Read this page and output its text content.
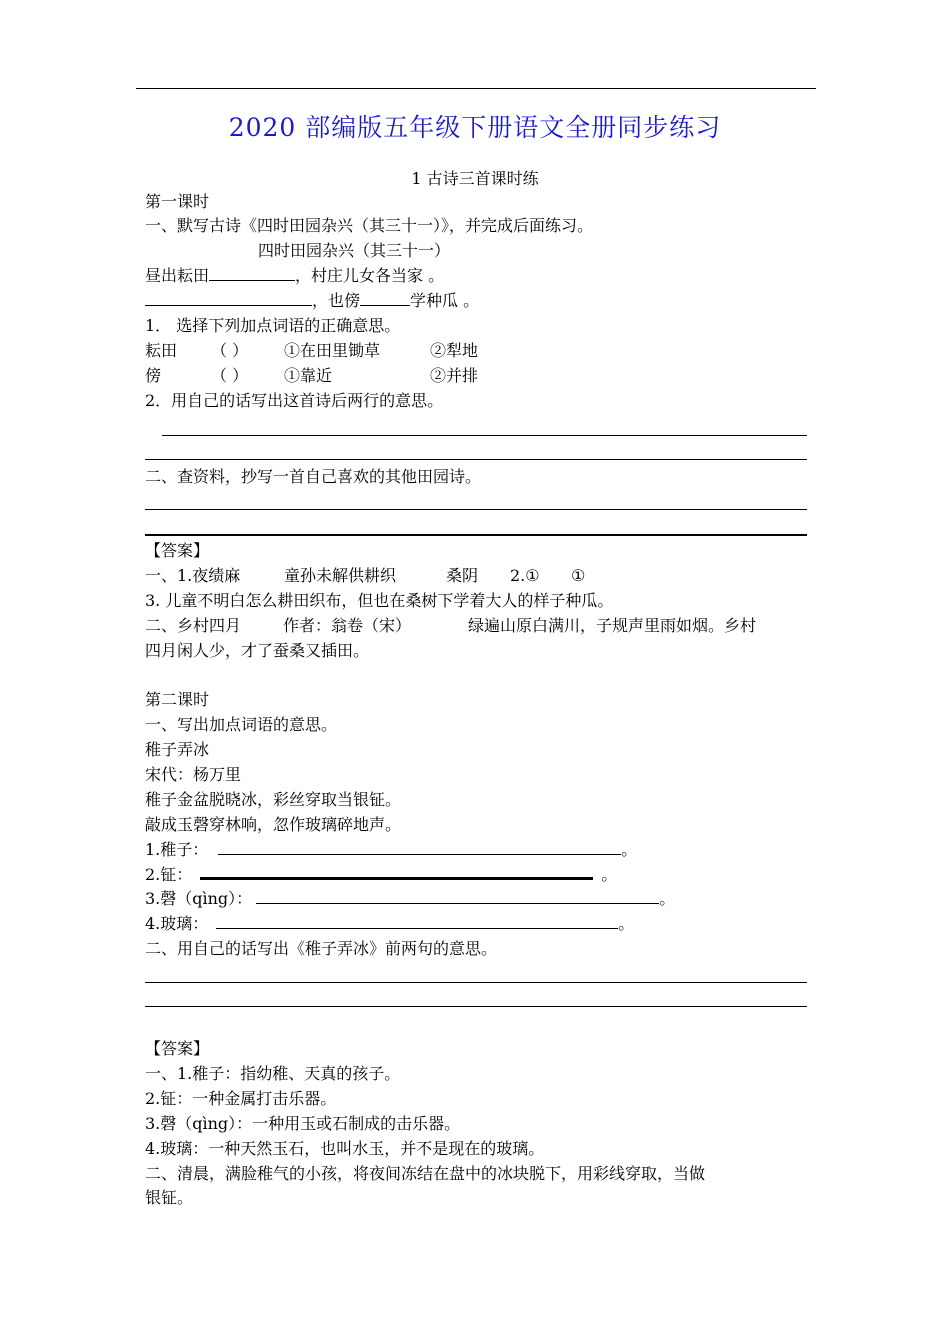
2020 部编版五年级下册语文全册同步练习
1 古诗三首课时练
第一课时
一、默写古诗《四时田园杂兴（其三十一）》，并完成后面练习。
四时田园杂兴（其三十一）
昼出耘田	，村庄儿女各当家 。
，也傍	学种瓜 。
1． 选择下列加点词语的正确意思。
耘田 （ ） ①在田里锄草	②犁地
傍	（ ） ①靠近	②并排
2．用自己的话写出这首诗后两行的意思。
二、查资料，抄写一首自己喜欢的其他田园诗。
【答案】
一、1.夜绩麻	童孙未解供耕织	桑阴 2.① ①
3. 儿童不明白怎么耕田织布，但也在桑树下学着大人的样子种瓜。
二、乡村四月	作者：翁卷（宋）	绿遍山原白满川，子规声里雨如烟。乡村
四月闲人少，才了蚕桑又插田。
第二课时
一、写出加点词语的意思。
稚子弄冰
宋代：杨万里
稚子金盆脱晓冰，彩丝穿取当银钲。
敲成玉磬穿林响，忽作玻璃碎地声。
1.稚子：	。
2.钲：	。
3.磬（qìng）：	。
4.玻璃：	。
二、用自己的话写出《稚子弄冰》前两句的意思。
【答案】
一、1.稚子：指幼稚、天真的孩子。
2.钲：一种金属打击乐器。
3.磬（qìng）：一种用玉或石制成的击乐器。
4.玻璃：一种天然玉石，也叫水玉，并不是现在的玻璃。
二、清晨，满脸稚气的小孩，将夜间冻结在盘中的冰块脱下，用彩线穿取，当做
银钲。
